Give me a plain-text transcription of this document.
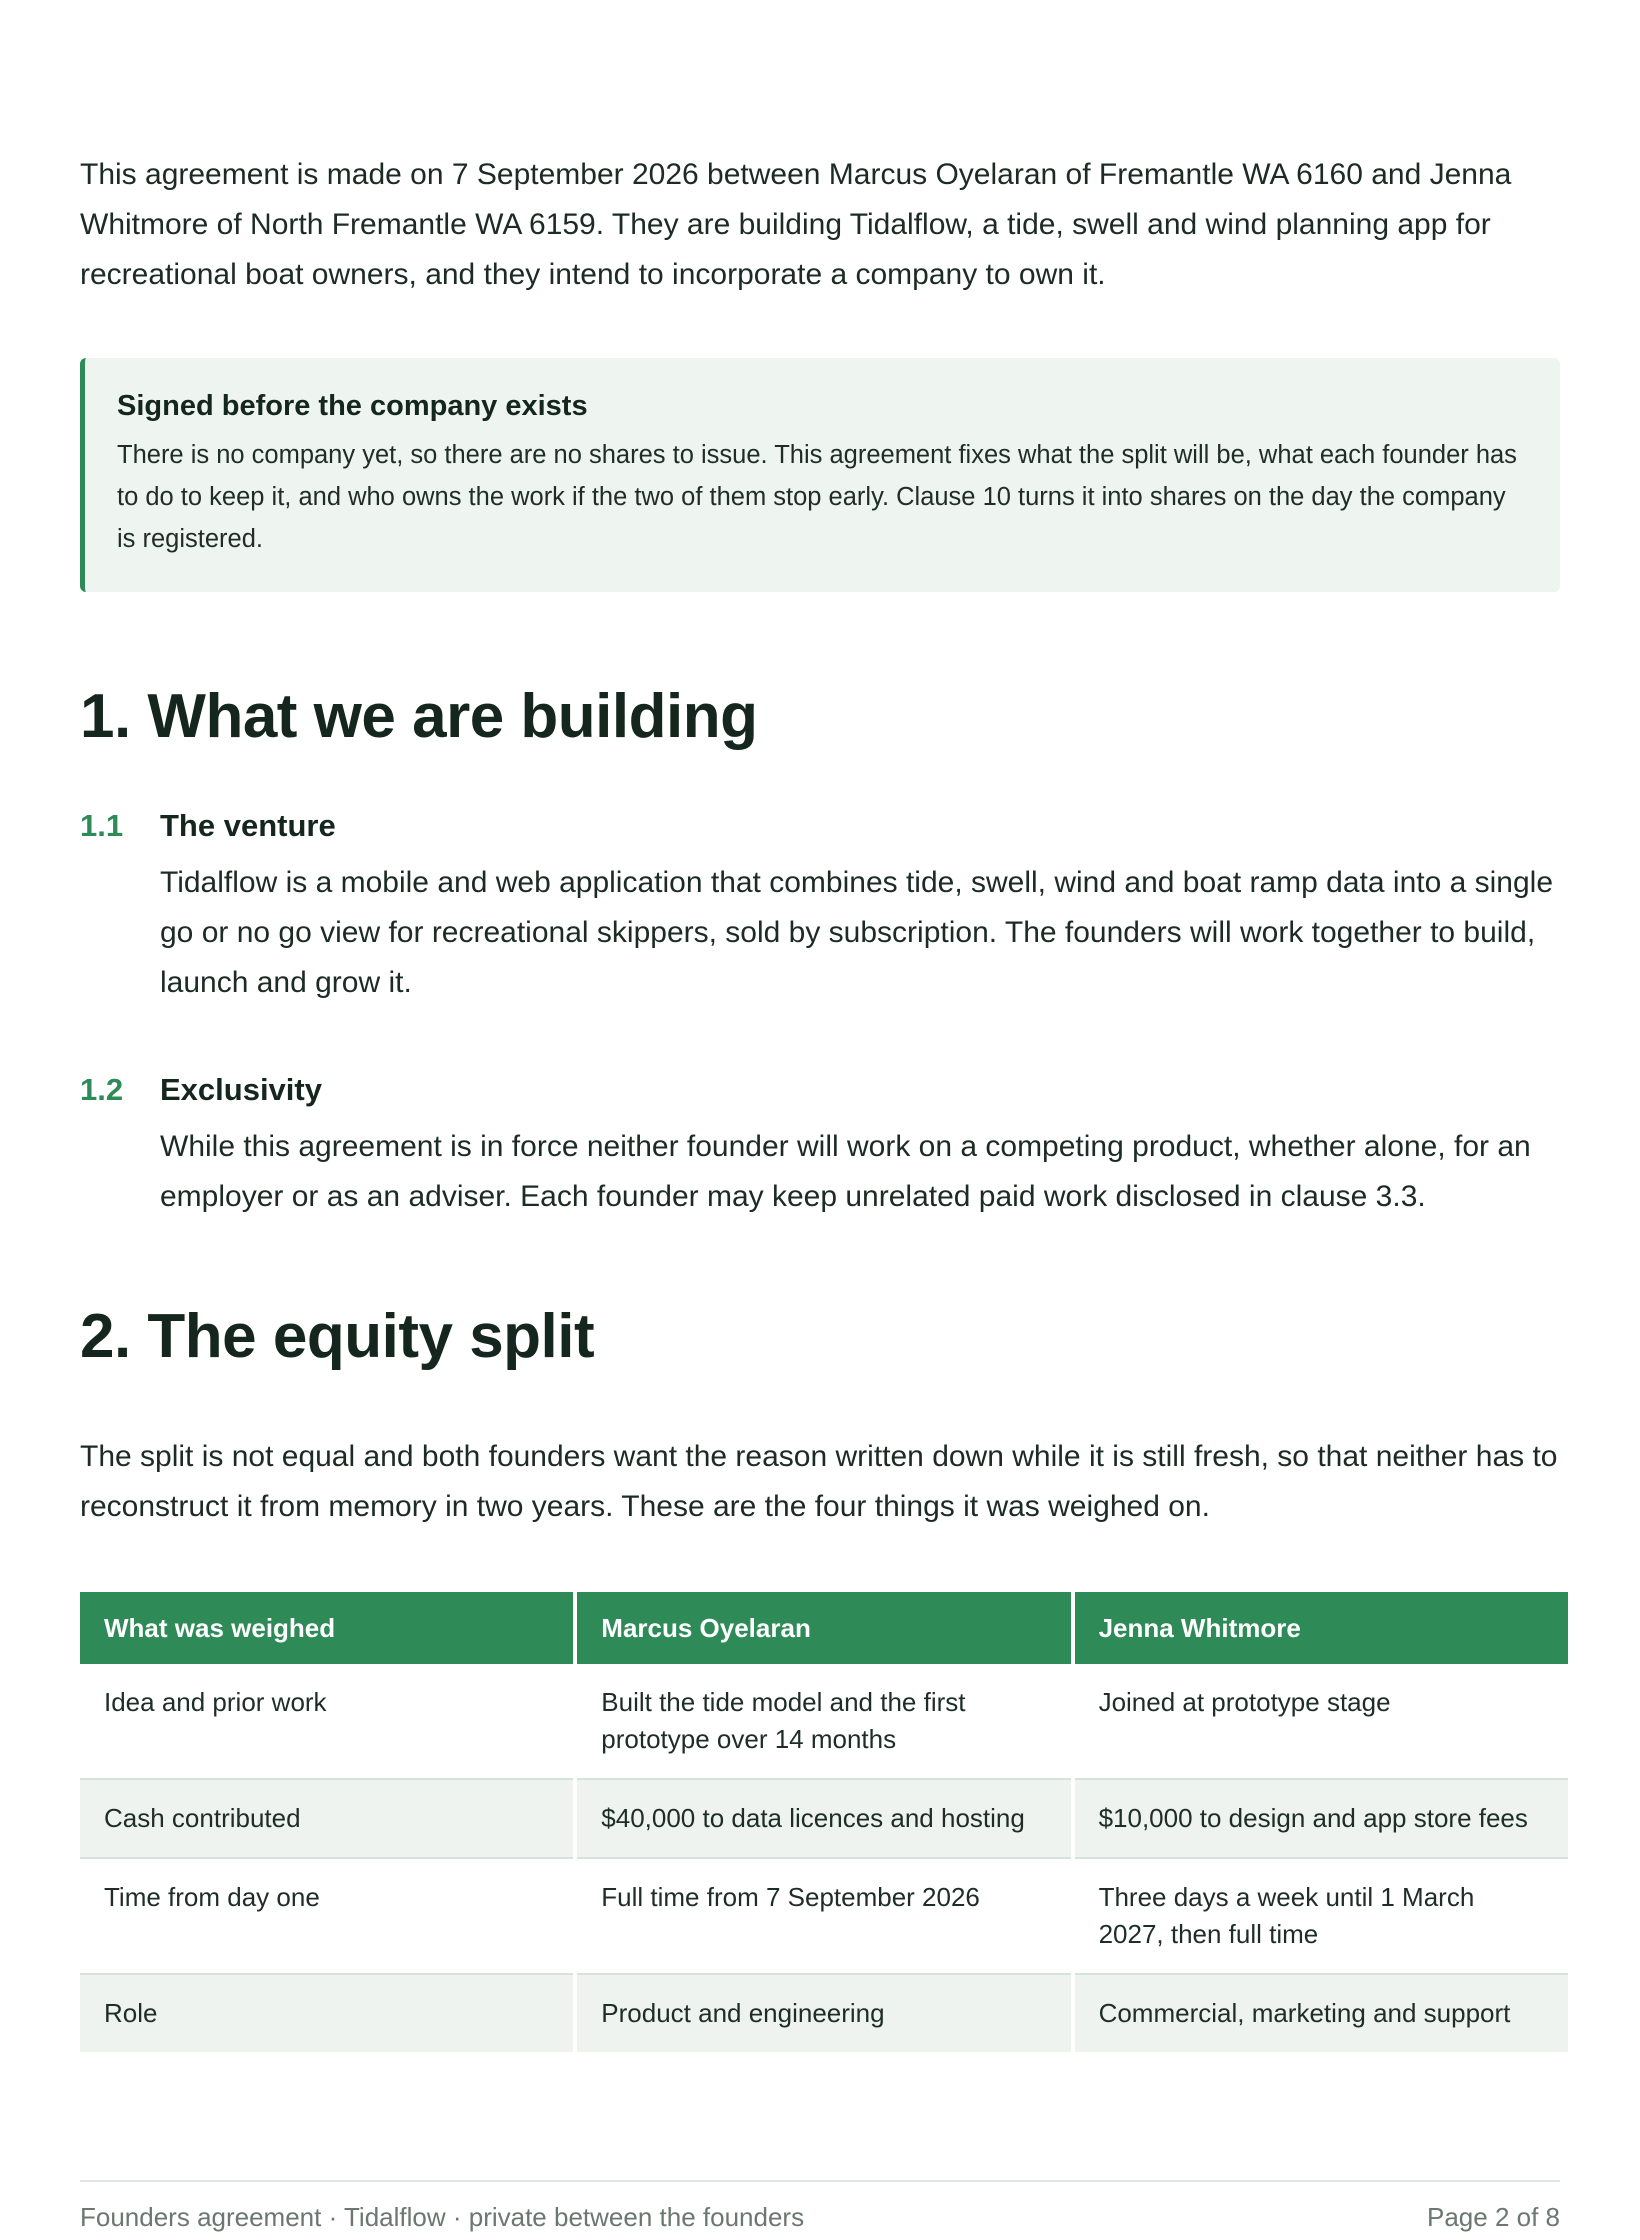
This agreement is made on 7 September 2026 between Marcus Oyelaran of Fremantle WA 6160 and Jenna Whitmore of North Fremantle WA 6159. They are building Tidalflow, a tide, swell and wind planning app for recreational boat owners, and they intend to incorporate a company to own it.

Signed before the company exists

There is no company yet, so there are no shares to issue. This agreement fixes what the split will be, what each founder has to do to keep it, and who owns the work if the two of them stop early. Clause 10 turns it into shares on the day the company is registered.

1. What we are building
1.1 The venture

Tidalflow is a mobile and web application that combines tide, swell, wind and boat ramp data into a single go or no go view for recreational skippers, sold by subscription. The founders will work together to build, launch and grow it.

1.2 Exclusivity

While this agreement is in force neither founder will work on a competing product, whether alone, for an employer or as an adviser. Each founder may keep unrelated paid work disclosed in clause 3.3.

2. The equity split

The split is not equal and both founders want the reason written down while it is still fresh, so that neither has to reconstruct it from memory in two years. These are the four things it was weighed on.

What was weighed	Marcus Oyelaran	Jenna Whitmore
Idea and prior work	Built the tide model and the first prototype over 14 months	Joined at prototype stage
Cash contributed	$40,000 to data licences and hosting	$10,000 to design and app store fees
Time from day one	Full time from 7 September 2026	Three days a week until 1 March 2027, then full time
Role	Product and engineering	Commercial, marketing and support
Founders agreement · Tidalflow · private between the founders	Page 2 of 8
